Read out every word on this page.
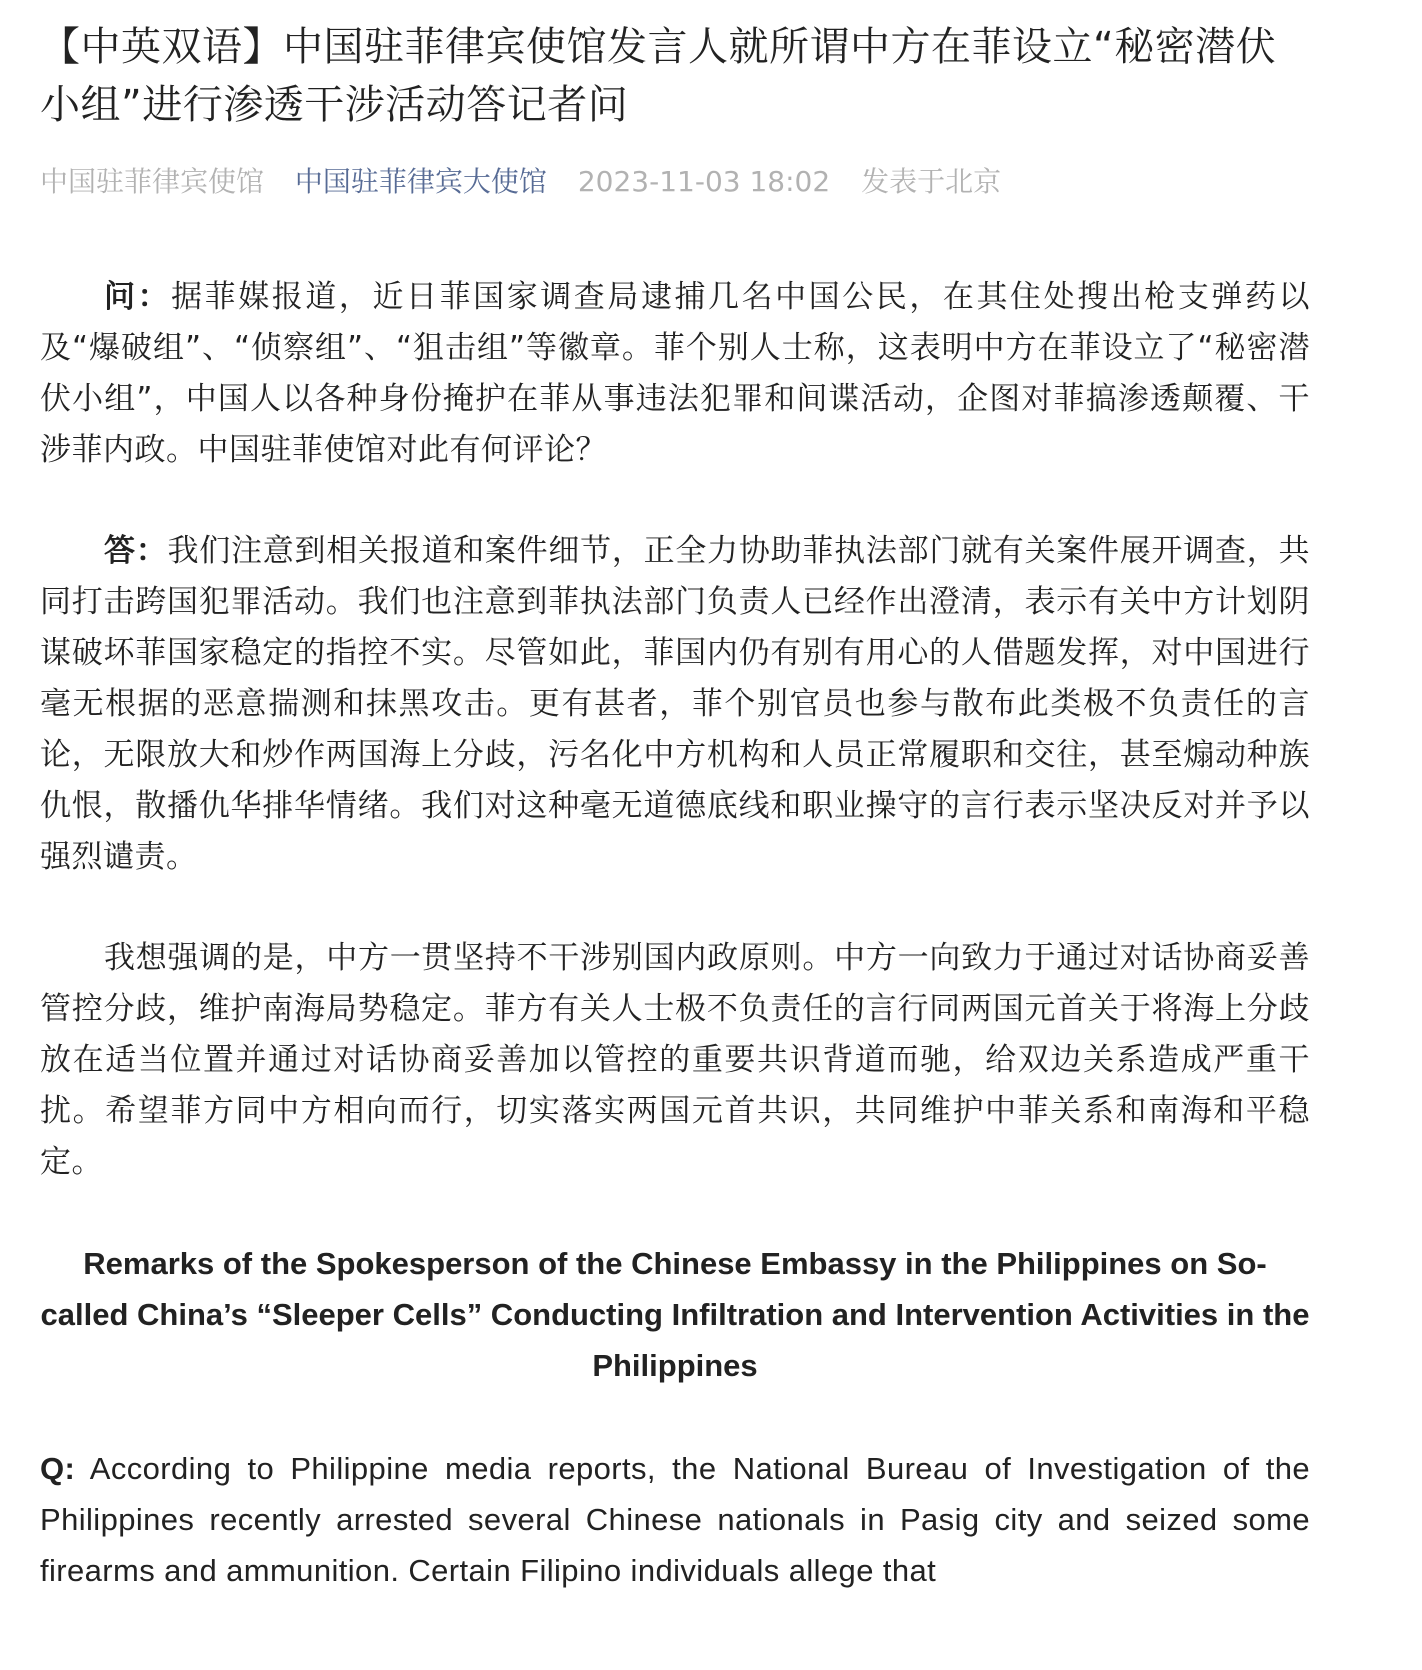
【中英双语】中国驻菲律宾使馆发言人就所谓中方在菲设立“秘密潜伏小组”进行渗透干涉活动答记者问
中国驻菲律宾使馆 中国驻菲律宾大使馆 2023-11-03 18:02 发表于北京

问：据菲媒报道，近日菲国家调查局逮捕几名中国公民，在其住处搜出枪支弹药以及“爆破组”、“侦察组”、“狙击组”等徽章。菲个别人士称，这表明中方在菲设立了“秘密潜伏小组”，中国人以各种身份掩护在菲从事违法犯罪和间谍活动，企图对菲搞渗透颠覆、干涉菲内政。中国驻菲使馆对此有何评论？

答：我们注意到相关报道和案件细节，正全力协助菲执法部门就有关案件展开调查，共同打击跨国犯罪活动。我们也注意到菲执法部门负责人已经作出澄清，表示有关中方计划阴谋破坏菲国家稳定的指控不实。尽管如此，菲国内仍有别有用心的人借题发挥，对中国进行毫无根据的恶意揣测和抹黑攻击。更有甚者，菲个别官员也参与散布此类极不负责任的言论，无限放大和炒作两国海上分歧，污名化中方机构和人员正常履职和交往，甚至煽动种族仇恨，散播仇华排华情绪。我们对这种毫无道德底线和职业操守的言行表示坚决反对并予以强烈谴责。

我想强调的是，中方一贯坚持不干涉别国内政原则。中方一向致力于通过对话协商妥善管控分歧，维护南海局势稳定。菲方有关人士极不负责任的言行同两国元首关于将海上分歧放在适当位置并通过对话协商妥善加以管控的重要共识背道而驰，给双边关系造成严重干扰。希望菲方同中方相向而行，切实落实两国元首共识，共同维护中菲关系和南海和平稳定。

Remarks of the Spokesperson of the Chinese Embassy in the Philippines on So-called China’s “Sleeper Cells” Conducting Infiltration and Intervention Activities in the Philippines

Q: According to Philippine media reports, the National Bureau of Investigation of the Philippines recently arrested several Chinese nationals in Pasig city and seized some firearms and ammunition. Certain Filipino individuals allege that
